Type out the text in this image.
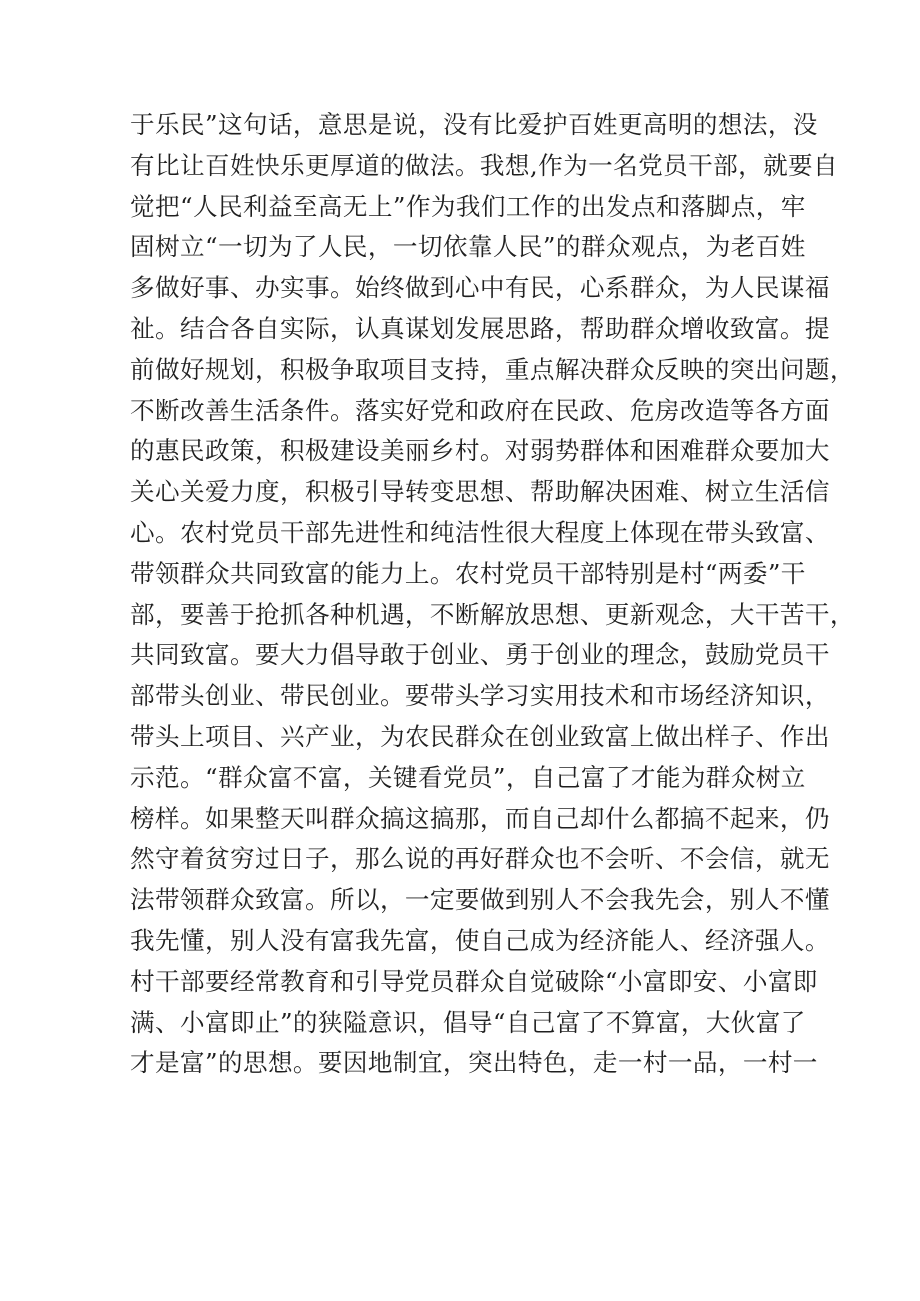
于乐民”这句话，意思是说，没有比爱护百姓更高明的想法，没
有比让百姓快乐更厚道的做法。我想,作为一名党员干部，就要自
觉把“人民利益至高无上”作为我们工作的出发点和落脚点，牢
固树立“一切为了人民，一切依靠人民”的群众观点，为老百姓
多做好事、办实事。始终做到心中有民，心系群众，为人民谋福
祉。结合各自实际，认真谋划发展思路，帮助群众增收致富。提
前做好规划，积极争取项目支持，重点解决群众反映的突出问题，
不断改善生活条件。落实好党和政府在民政、危房改造等各方面
的惠民政策，积极建设美丽乡村。对弱势群体和困难群众要加大
关心关爱力度，积极引导转变思想、帮助解决困难、树立生活信
心。农村党员干部先进性和纯洁性很大程度上体现在带头致富、
带领群众共同致富的能力上。农村党员干部特别是村“两委”干
部，要善于抢抓各种机遇，不断解放思想、更新观念，大干苦干，
共同致富。要大力倡导敢于创业、勇于创业的理念，鼓励党员干
部带头创业、带民创业。要带头学习实用技术和市场经济知识，
带头上项目、兴产业，为农民群众在创业致富上做出样子、作出
示范。“群众富不富，关键看党员”，自己富了才能为群众树立
榜样。如果整天叫群众搞这搞那，而自己却什么都搞不起来，仍
然守着贫穷过日子，那么说的再好群众也不会听、不会信，就无
法带领群众致富。所以，一定要做到别人不会我先会，别人不懂
我先懂，别人没有富我先富，使自己成为经济能人、经济强人。
村干部要经常教育和引导党员群众自觉破除“小富即安、小富即
满、小富即止”的狭隘意识，倡导“自己富了不算富，大伙富了
才是富”的思想。要因地制宜，突出特色，走一村一品，一村一
